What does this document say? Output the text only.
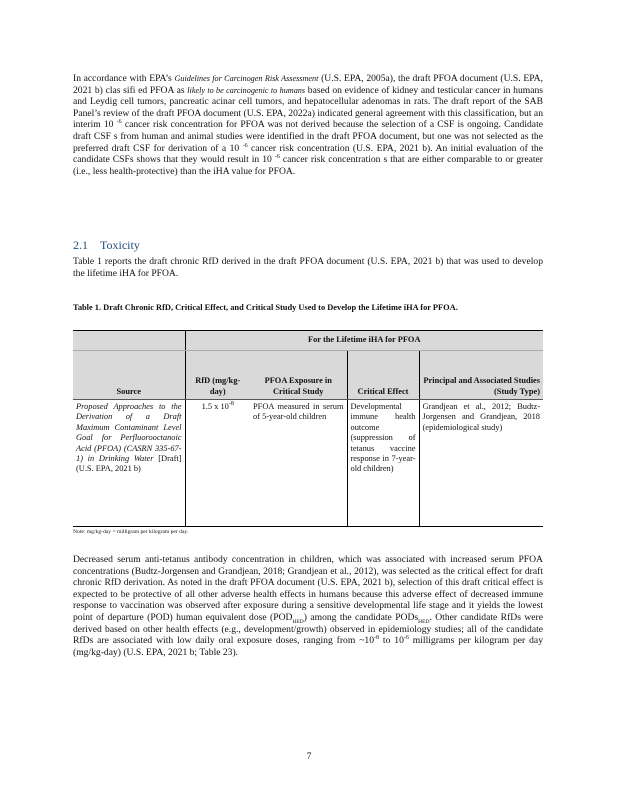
In accordance with EPA’s Guidelines for Carcinogen Risk Assessment (U.S. EPA, 2005a), the draft PFOA document (U.S. EPA, 2021 b) clas sifi ed PFOA as likely to be carcinogenic to humans based on evidence of kidney and testicular cancer in humans and Leydig cell tumors, pancreatic acinar cell tumors, and hepatocellular adenomas in rats. The draft report of the SAB Panel’s review of the draft PFOA document (U.S. EPA, 2022a) indicated general agreement with this classification, but an interim 10 $^{-6}$ cancer risk concentration for PFOA was not derived because the selection of a CSF is ongoing. Candidate draft CSF s from human and animal studies were identified in the draft PFOA document, but one was not selected as the preferred draft CSF for derivation of a 10 $^{-6}$ cancer risk concentration (U.S. EPA, 2021 b). An initial evaluation of the candidate CSFs shows that they would result in 10 $^{-6}$ cancer risk concentration s that are either comparable to or greater (i.e., less health-protective) than the iHA value for PFOA.

2.1 Toxicity

Table 1 reports the draft chronic RfD derived in the draft PFOA document (U.S. EPA, 2021 b) that was used to develop the lifetime iHA for PFOA.

Table 1. Draft Chronic RfD, Critical Effect, and Critical Study Used to Develop the Lifetime iHA for PFOA.

	For the Lifetime iHA for PFOA			
Source	RfD (mg/kg-day)	PFOA Exposure in Critical Study	Critical Effect	Principal and Associated Studies (Study Type)
Proposed Approaches to the Derivation of a Draft Maximum Contaminant Level Goal for Perfluorooctanoic Acid (PFOA) (CASRN 335-67-1) in Drinking Water [Draft] (U.S. EPA, 2021 b)	1.5 x $10^{-8}$	PFOA measured in serum of 5-year-old children	Developmental immune health outcome (suppression of tetanus vaccine response in 7-year-old children)	Grandjean et al., 2012; Budtz-Jorgensen and Grandjean, 2018 (epidemiological study)

Note: mg/kg-day = milligram per kilogram per day.

Decreased serum anti-tetanus antibody concentration in children, which was associated with increased serum PFOA concentrations (Budtz-Jorgensen and Grandjean, 2018; Grandjean et al., 2012), was selected as the critical effect for draft chronic RfD derivation. As noted in the draft PFOA document (U.S. EPA, 2021 b), selection of this draft critical effect is expected to be protective of all other adverse health effects in humans because this adverse effect of decreased immune response to vaccination was observed after exposure during a sensitive developmental life stage and it yields the lowest point of departure (POD) human equivalent dose $(POD_{HED})$ among the candidate PODs$_{HED}$. Other candidate RfDs were derived based on other health effects (e.g., development/growth) observed in epidemiology studies; all of the candidate RfDs are associated with low daily oral exposure doses, ranging from $\sim 10^{-8}$ to $10^{-6}$ milligrams per kilogram per day (mg/kg-day) (U.S. EPA, 2021 b; Table 23).

7
